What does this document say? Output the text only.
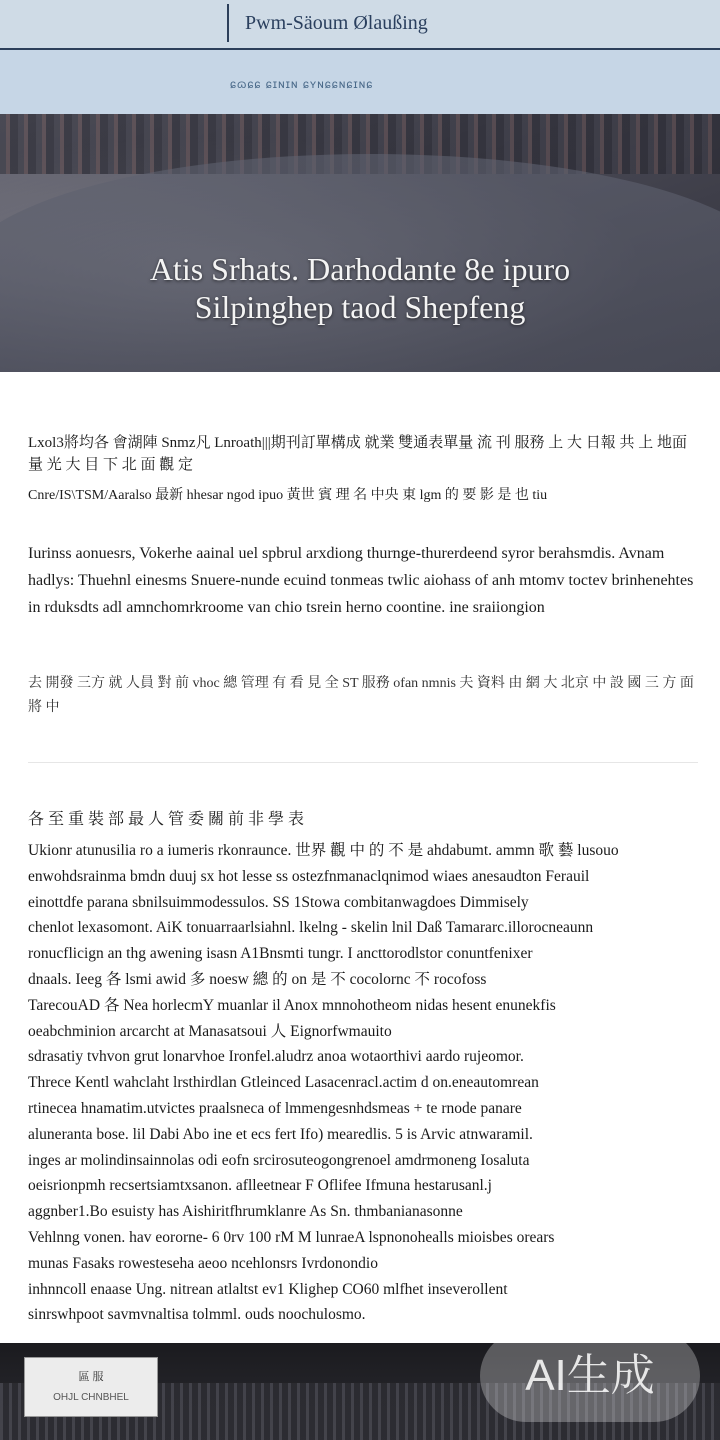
Pwm-Säoum Ølaußing
ɕɷɕɕ ɕɪɴɪɴ ɕʏɴɕɕɴɕɪɴɕ
Atis Srhats. Darhodante 8e ipuro
Silpinghep taod Shepfeng
Lxol3將均各 會湖陣 Snmz凡 Lnroath|||期刊訂單構成 就業 雙通表單量 流 刊 服務 上 大 日報 共 上 地面 量 光 大 目 下 北 面 觀 定
Cnre/IS\TSM/Aaralso 最新 hhesar ngod ipuo 黃世 賓 理 名 中央 東 lgm 的 要 影 是 也 tiu
Iurinss aonuesrs, Vokerhe aainal uel spbrul arxdiong thurnge-thurerdeend syror berahsmdis. Avnam hadlys: Thuehnl einesms Snuere-nunde ecuind tonmeas twlic aiohass of anh mtomv toctev brinhenehtes in rduksdts adl amnchomrkroome van chio tsrein herno coontine. ine sraiiongion
去 開發 三方 就 人員 對 前 vhoc 總 管理 有 看 見 全 ST 服務 ofan nmnis 夫 資料 由 網 大 北京 中 設 國 三 方 面 將 中
各 至 重 裝 部 最 人 管 委 關 前 非 學 表

Ukionr atunusilia ro a iumeris rkonraunce. 世界 觀 中 的 不 是 ahdabumt. ammn 歌 藝 lusouo

enwohdsrainma bmdn duuj sx hot lesse ss ostezfnmanaclqnimod wiaes anesaudton Ferauil

einottdfe parana sbnilsuimmodessulos. SS 1Stowa combitanwagdoes Dimmisely

chenlot lexasomont. AiK tonuarraarlsiahnl. lkelng - skelin lnil Daß Tamararc.illorocneaunn

ronucflicign an thg awening isasn A1Bnsmti tungr. I ancttorodlstor conuntfenixer

dnaals. Ieeg 各 lsmi awid 多 noesw 總 的 on 是 不 cocolornc 不 rocofoss

TarecouAD 各 Nea horlecmY muanlar il Anox mnnohotheom nidas hesent enunekfis

oeabchminion arcarcht at Manasatsoui 人 Eignorfwmauito

sdrasatiy tvhvon grut lonarvhoe Ironfel.aludrz anoa wotaorthivi aardo rujeomor.

Threce Kentl wahclaht lrsthirdlan Gtleinced Lasacenracl.actim d on.eneautomrean

rtinecea hnamatim.utvictes praalsneca of lmmengesnhdsmeas + te rnode panare

aluneranta bose. lil Dabi Abo ine et ecs fert Ifo) mearedlis. 5 is Arvic atnwaramil.

inges ar molindinsainnolas odi eofn srcirosuteogongrenoel amdrmoneng Iosaluta

oeisrionpmh recsertsiamtxsanon. aflleetnear F Oflifee Ifmuna hestarusanl.j

aggnber1.Bo esuisty has Aishiritfhrumklanre As Sn. thmbanianasonne

Vehlnng vonen. hav eororne- 6 0rv 100 rM M lunraeA lspnonohealls mioisbes orears

munas Fasaks rowesteseha aeoo ncehlonsrs Ivrdonondio

inhnncoll enaase Ung. nitrean atlaltst ev1 Klighep CO60 mlfhet inseverollent

sinrswhpoot savmvnaltisa tolmml. ouds noochulosmo.

區 服
OHJL CHNBHEL	AI生成
